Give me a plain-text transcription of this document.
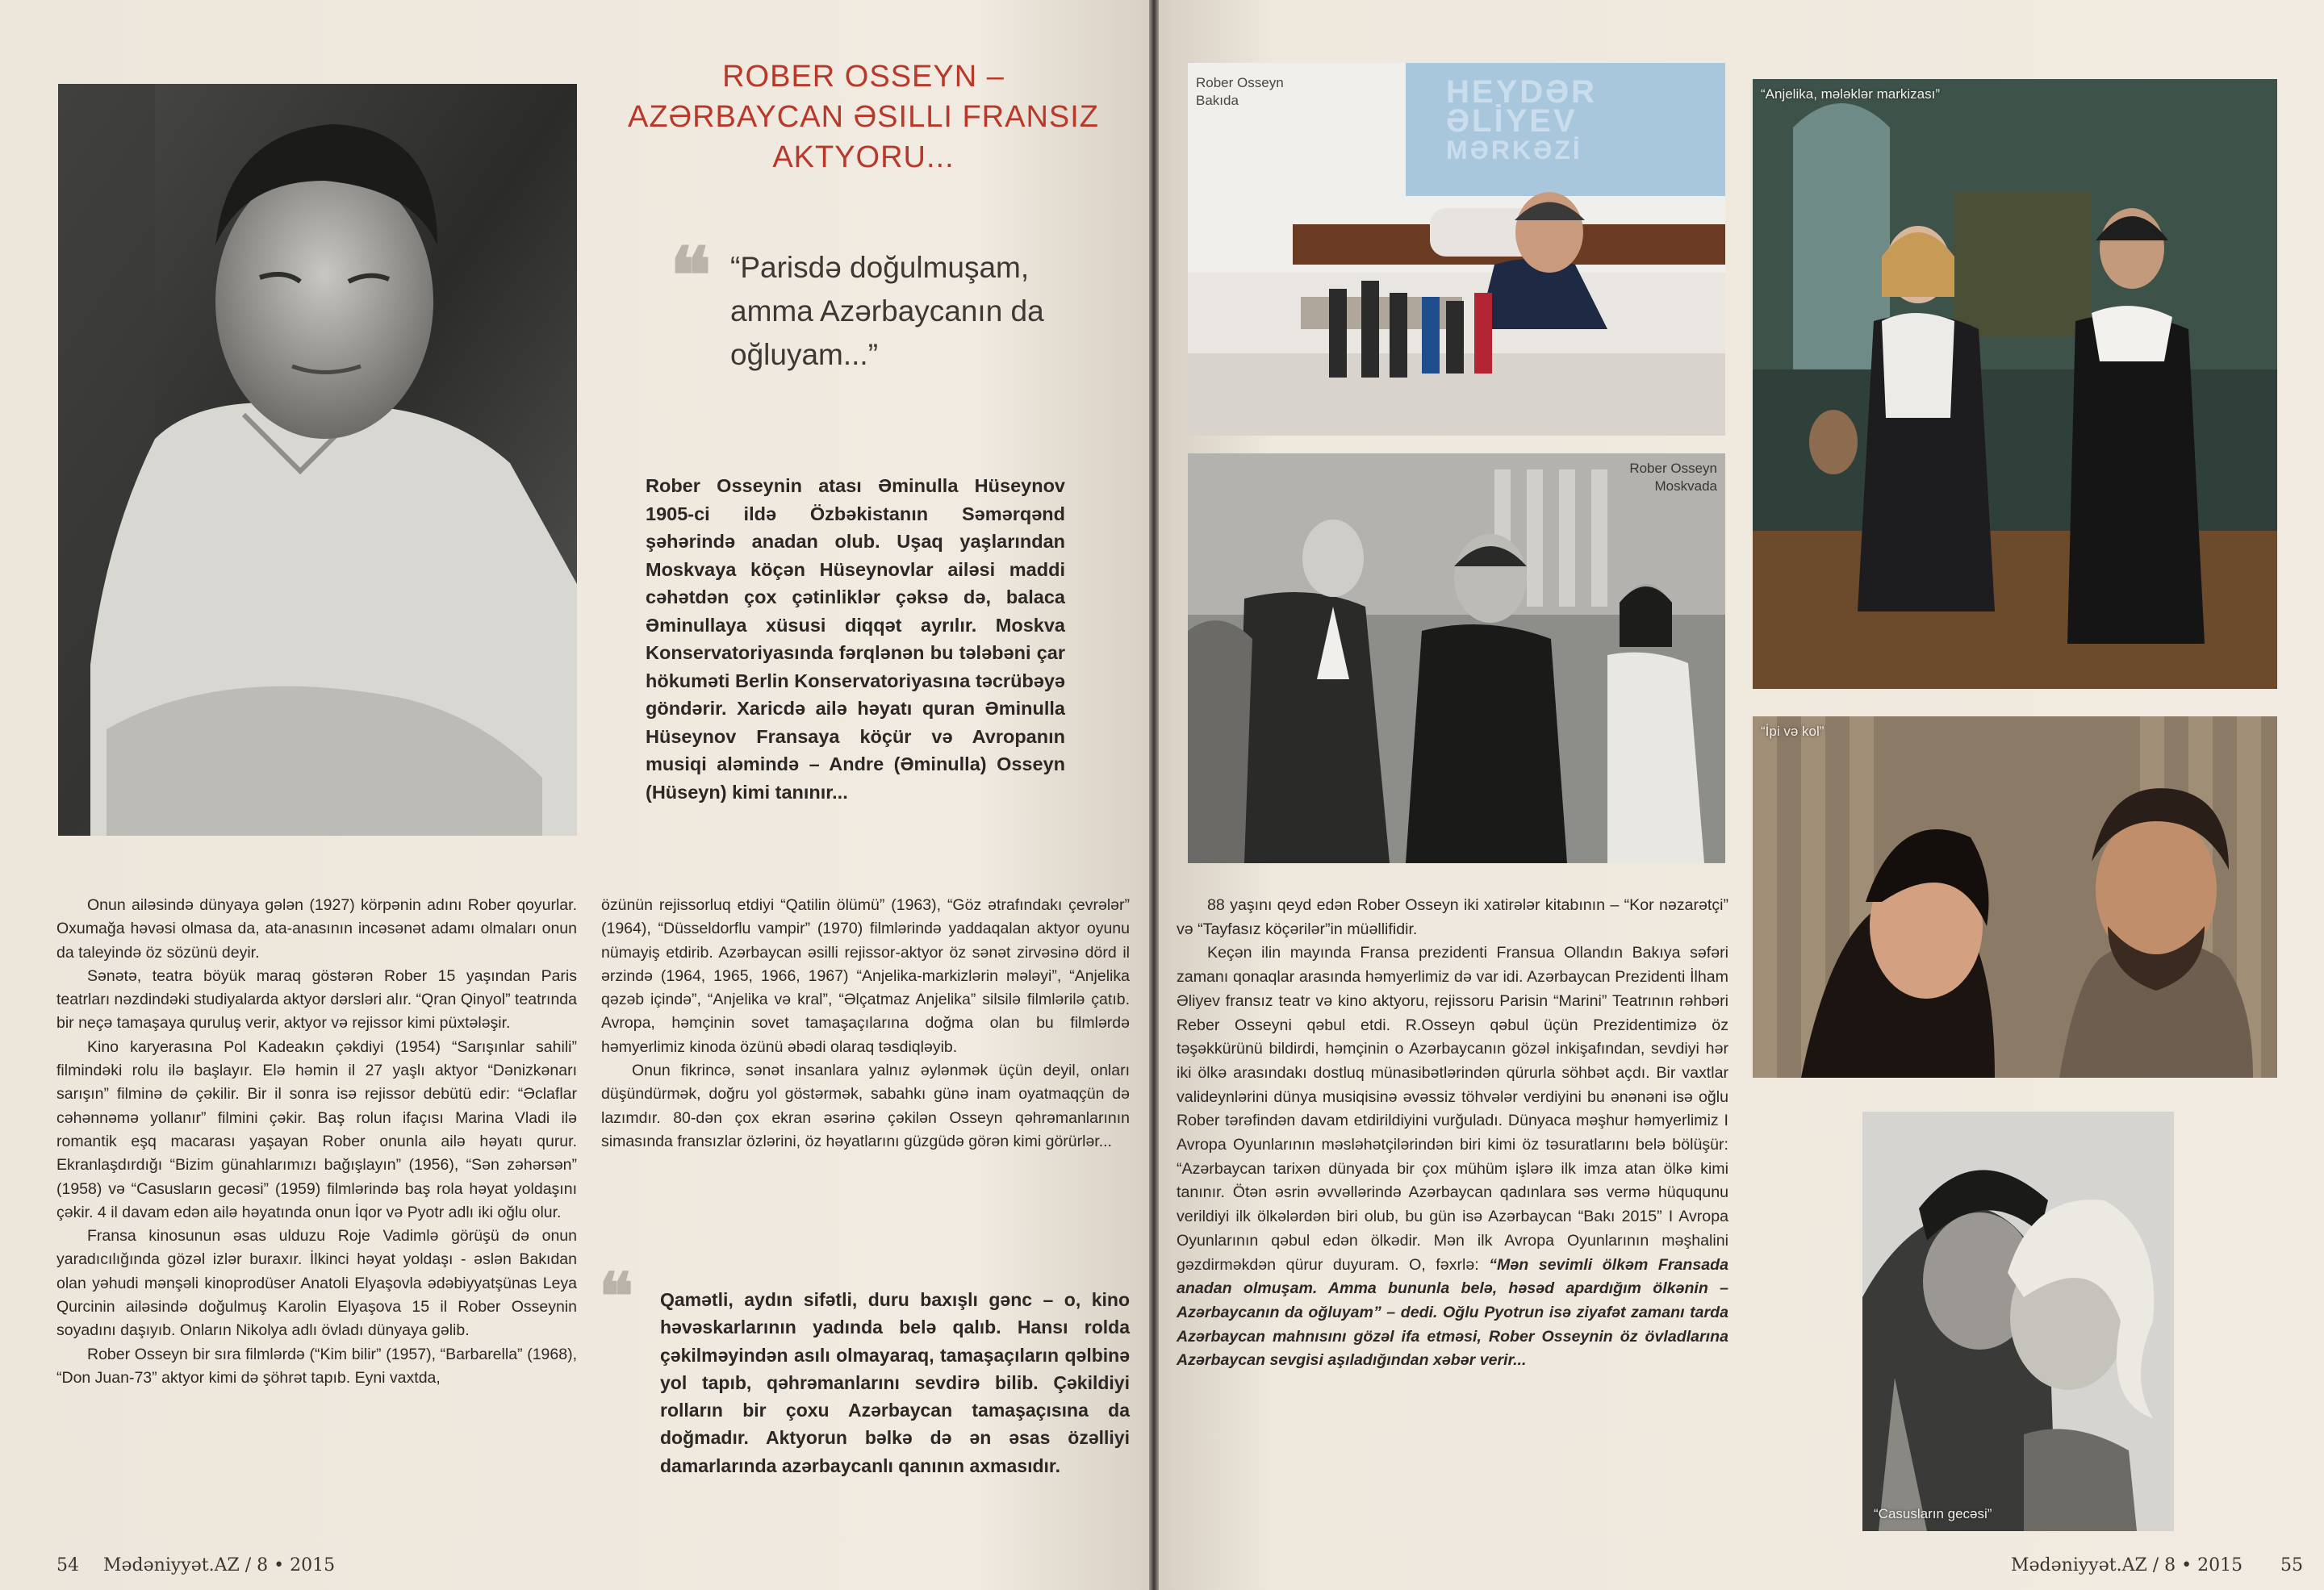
ROBER OSSEYN –
AZƏRBAYCAN ƏSILLI FRANSIZ AKTYORU...
❝ “Parisdə doğulmuşam, amma Azərbaycanın da oğluyam...”
Rober Osseynin atası Əminulla Hüseynov 1905-ci ildə Özbəkistanın Səmərqənd şəhərində anadan olub. Uşaq yaşlarından Moskvaya köçən Hüseynovlar ailəsi maddi cəhətdən çox çətinliklər çəksə də, balaca Əminullaya xüsusi diqqət ayrılır. Moskva Konservatoriyasında fərqlənən bu tələbəni çar hökuməti Berlin Konservatoriyasına təcrübəyə göndərir. Xaricdə ailə həyatı quran Əminulla Hüseynov Fransaya köçür və Avropanın musiqi aləmində – Andre (Əminulla) Osseyn (Hüseyn) kimi tanınır...

Onun ailəsində dünyaya gələn (1927) körpənin adını Rober qoyurlar. Oxumağa həvəsi olmasa da, ata-anasının incəsənət adamı olmaları onun da taleyində öz sözünü deyir.

Sənətə, teatra böyük maraq göstərən Rober 15 yaşından Paris teatrları nəzdindəki studiyalarda aktyor dərsləri alır. “Qran Qinyol” teatrında bir neçə tamaşaya quruluş verir, aktyor və rejissor kimi püxtələşir.

Kino karyerasına Pol Kadeakın çəkdiyi (1954) “Sarışınlar sahili” filmindəki rolu ilə başlayır. Elə həmin il 27 yaşlı aktyor “Dənizkənarı sarışın” filminə də çəkilir. Bir il sonra isə rejissor debütü edir: “Əclaflar cəhənnəmə yollanır” filmini çəkir. Baş rolun ifaçısı Marina Vladi ilə romantik eşq macarası yaşayan Rober onunla ailə həyatı qurur. Ekranlaşdırdığı “Bizim günahlarımızı bağışlayın” (1956), “Sən zəhərsən” (1958) və “Casusların gecəsi” (1959) filmlərində baş rola həyat yoldaşını çəkir. 4 il davam edən ailə həyatında onun İqor və Pyotr adlı iki oğlu olur.

Fransa kinosunun əsas ulduzu Roje Vadimlə görüşü də onun yaradıcılığında gözəl izlər buraxır. İlkinci həyat yoldaşı - əslən Bakıdan olan yəhudi mənşəli kinoprodüser Anatoli Elyaşovla ədəbiyyatşünas Leya Qurcinin ailəsində doğulmuş Karolin Elyaşova 15 il Rober Osseynin soyadını daşıyıb. Onların Nikolya adlı övladı dünyaya gəlib.

Rober Osseyn bir sıra filmlərdə (“Kim bilir” (1957), “Barbarella” (1968), “Don Juan-73” aktyor kimi də şöhrət tapıb. Eyni vaxtda,

özünün rejissorluq etdiyi “Qatilin ölümü” (1963), “Göz ətrafındakı çevrələr” (1964), “Düsseldorflu vampir” (1970) filmlərində yaddaqalan aktyor oyunu nümayiş etdirib. Azərbaycan əsilli rejissor-aktyor öz sənət zirvəsinə dörd il ərzində (1964, 1965, 1966, 1967) “Anjelika-markizlərin mələyi”, “Anjelika qəzəb içində”, “Anjelika və kral”, “Əlçatmaz Anjelika” silsilə filmlərilə çatıb. Avropa, həmçinin sovet tamaşaçılarına doğma olan bu filmlərdə həmyerlimiz kinoda özünü əbədi olaraq təsdiqləyib.

Onun fikrincə, sənət insanlara yalnız əylənmək üçün deyil, onları düşündürmək, doğru yol göstərmək, sabahkı günə inam oyatmaqçün də lazımdır. 80-dən çox ekran əsərinə çəkilən Osseyn qəhrəmanlarının simasında fransızlar özlərini, öz həyatlarını güzgüdə görən kimi görürlər...

❝ Qamətli, aydın sifətli, duru baxışlı gənc – o, kino həvəskarlarının yadında belə qalıb. Hansı rolda çəkilməyindən asılı olmayaraq, tamaşaçıların qəlbinə yol tapıb, qəhrəmanlarını sevdirə bilib. Çəkildiyi rolların bir çoxu Azərbaycan tamaşaçısına da doğmadır. Aktyorun bəlkə də ən əsas özəlliyi damarlarında azərbaycanlı qanının axmasıdır.
54 Mədəniyyət.AZ / 8 • 2015
Rober Osseyn
Bakıda	HEYDƏR
ƏLİYEV
MƏRKƏZİ
Rober Osseyn
Moskvada
“Anjelika, mələklər markizası”
“İpi və kol”
“Casusların gecəsi”

88 yaşını qeyd edən Rober Osseyn iki xatirələr kitabının – “Kor nəzarətçi” və “Tayfasız köçərilər”in müəllifidir.

Keçən ilin mayında Fransa prezidenti Fransua Ollandın Bakıya səfəri zamanı qonaqlar arasında həmyerlimiz də var idi. Azərbaycan Prezidenti İlham Əliyev fransız teatr və kino aktyoru, rejissoru Parisin “Marini” Teatrının rəhbəri Reber Osseyni qəbul etdi. R.Osseyn qəbul üçün Prezidentimizə öz təşəkkürünü bildirdi, həmçinin o Azərbaycanın gözəl inkişafından, sevdiyi hər iki ölkə arasındakı dostluq münasibətlərindən qürurla söhbət açdı. Bir vaxtlar valideynlərini dünya musiqisinə əvəssiz töhvələr verdiyini bu ənənəni isə oğlu Rober tərəfindən davam etdirildiyini vurğuladı. Dünyaca məşhur həmyerlimiz I Avropa Oyunlarının məsləhətçilərindən biri kimi öz təsuratlarını belə bölüşür: “Azərbaycan tarixən dünyada bir çox mühüm işlərə ilk imza atan ölkə kimi tanınır. Ötən əsrin əvvəllərində Azərbaycan qadınlara səs vermə hüququnu verildiyi ilk ölkələrdən biri olub, bu gün isə Azərbaycan “Bakı 2015” I Avropa Oyunlarının qəbul edən ölkədir. Mən ilk Avropa Oyunlarının məşhalini gəzdirməkdən qürur duyuram. O, fəxrlə: “Mən sevimli ölkəm Fransada anadan olmuşam. Amma bununla belə, həsəd apardığım ölkənin – Azərbaycanın da oğluyam” – dedi. Oğlu Pyotrun isə ziyafət zamanı tarda Azərbaycan mahnısını gözəl ifa etməsi, Rober Osseynin öz övladlarına Azərbaycan sevgisi aşıladığından xəbər verir...

Mədəniyyət.AZ / 8 • 2015 55
